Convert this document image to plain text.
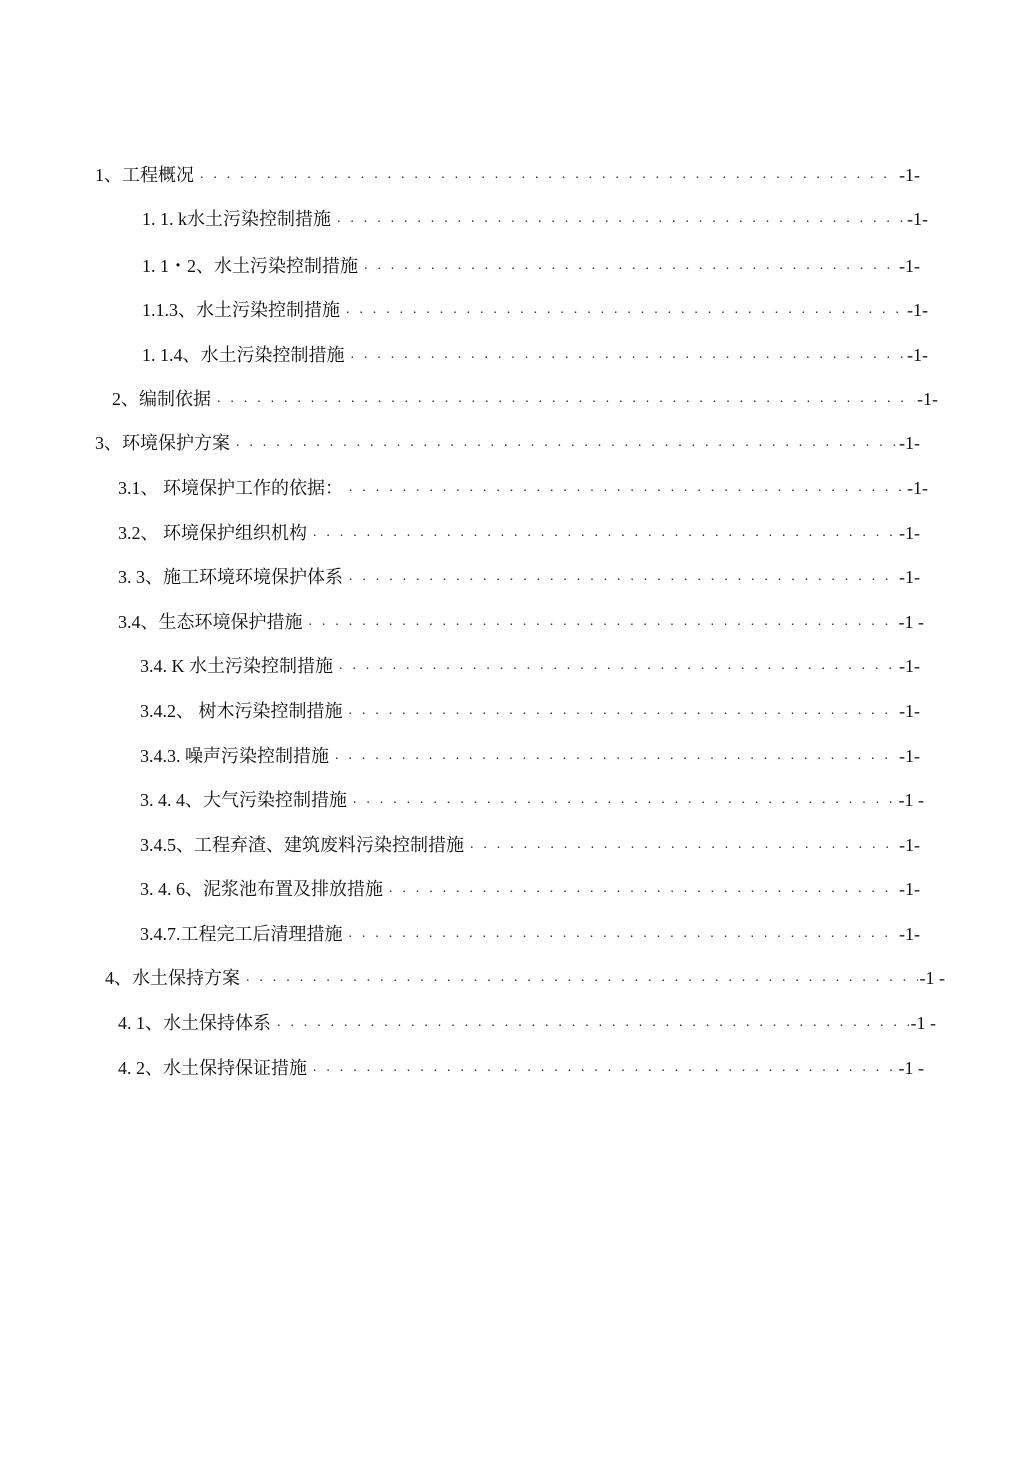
1、工程概况 . . .	-1-
1. 1. k水土污染控制措施 . . .	-1-
1. 1・2、水土污染控制措施 . . .	-1-
1.1.3、水土污染控制措施 . . .	-1-
1. 1.4、水土污染控制措施 . . .	-1-
2、编制依据 . . .	-1-
3、环境保护方案 . . .	-1-
3.1、 环境保护工作的依据： . . .	-1-
3.2、 环境保护组织机构 . . .	-1-
3. 3、施工环境环境保护体系 . . .	-1-
3.4、生态环境保护措施 . . .	-1 -
3.4. K 水土污染控制措施 . . .	-1-
3.4.2、 树木污染控制措施 . . .	-1-
3.4.3. 噪声污染控制措施 . . .	-1-
3. 4. 4、大气污染控制措施 . . .	-1 -
3.4.5、工程弃渣、建筑废料污染控制措施 . . .	-1-
3. 4. 6、泥浆池布置及排放措施 . . .	-1-
3.4.7.工程完工后清理措施 . . .	-1-
4、水土保持方案 . . .	-1 -
4. 1、水土保持体系 . . .	-1 -
4. 2、水土保持保证措施 . . .	-1 -
